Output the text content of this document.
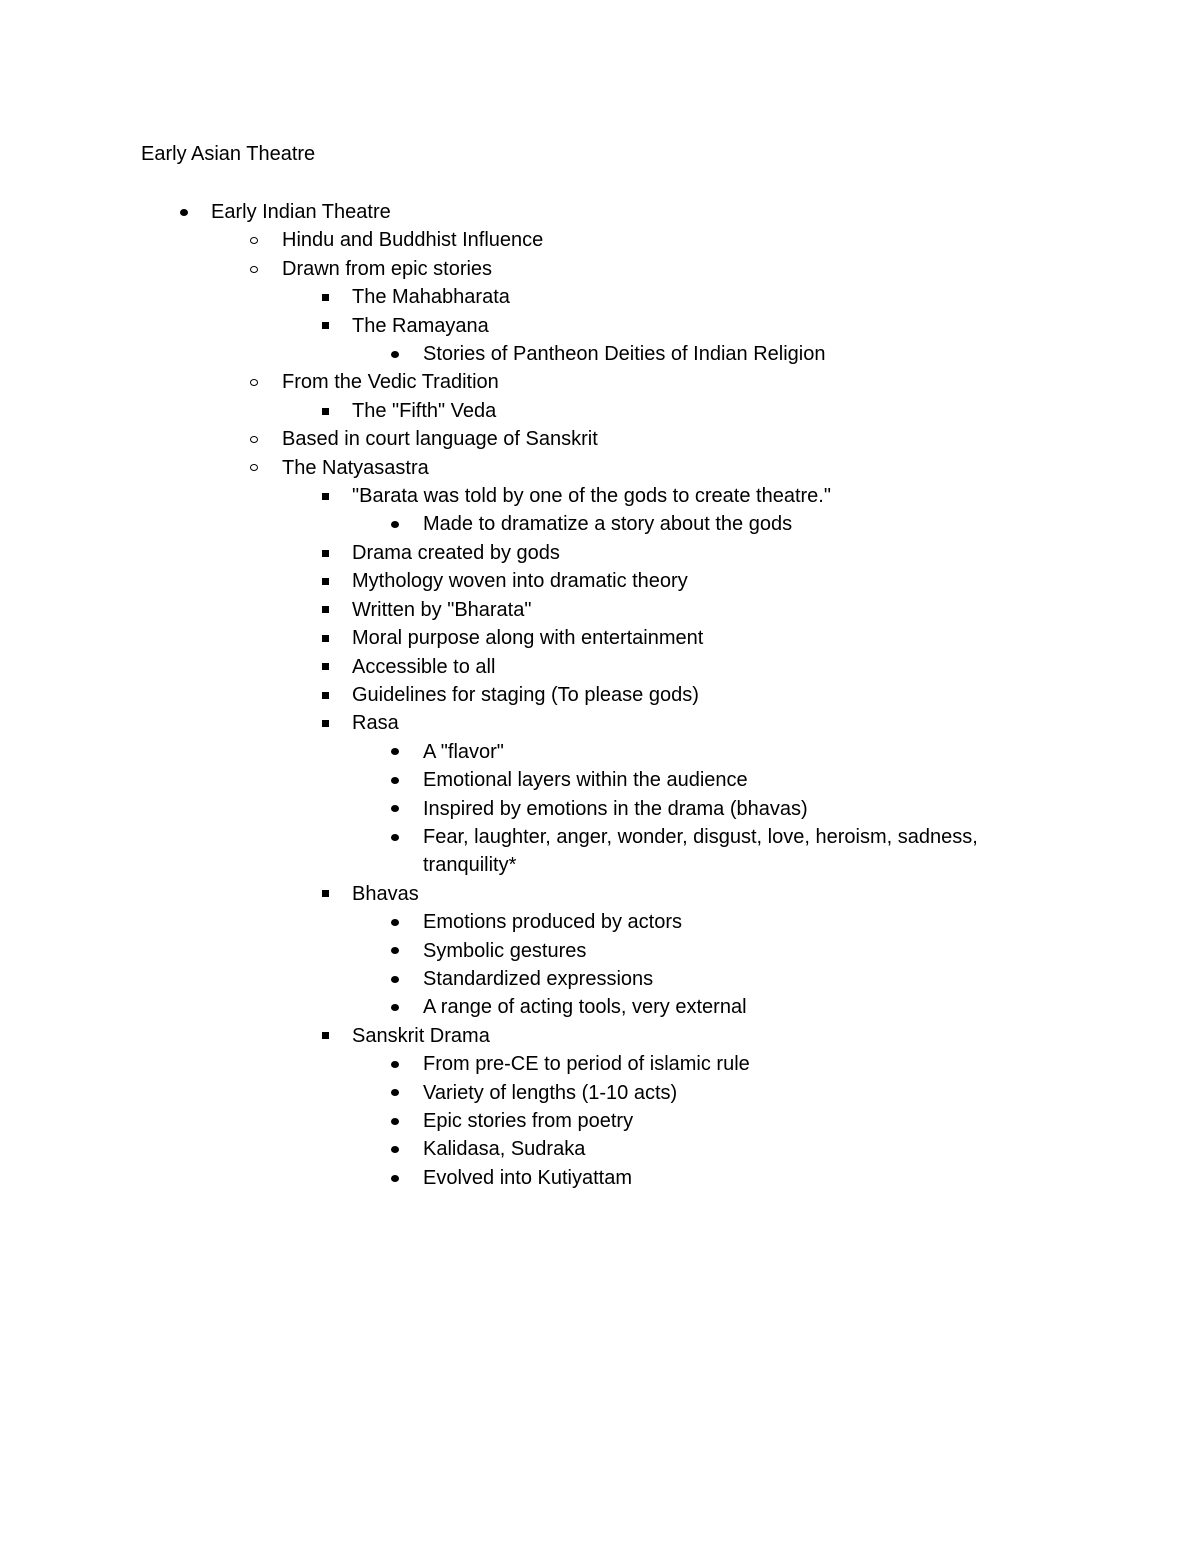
Early Asian Theatre
Early Indian Theatre
Hindu and Buddhist Influence
Drawn from epic stories
The Mahabharata
The Ramayana
Stories of Pantheon Deities of Indian Religion
From the Vedic Tradition
The "Fifth" Veda
Based in court language of Sanskrit
The Natyasastra
"Barata was told by one of the gods to create theatre."
Made to dramatize a story about the gods
Drama created by gods
Mythology woven into dramatic theory
Written by "Bharata"
Moral purpose along with entertainment
Accessible to all
Guidelines for staging (To please gods)
Rasa
A "flavor"
Emotional layers within the audience
Inspired by emotions in the drama (bhavas)
Fear, laughter, anger, wonder, disgust, love, heroism, sadness, tranquility*
Bhavas
Emotions produced by actors
Symbolic gestures
Standardized expressions
A range of acting tools, very external
Sanskrit Drama
From pre-CE to period of islamic rule
Variety of lengths (1-10 acts)
Epic stories from poetry
Kalidasa, Sudraka
Evolved into Kutiyattam
